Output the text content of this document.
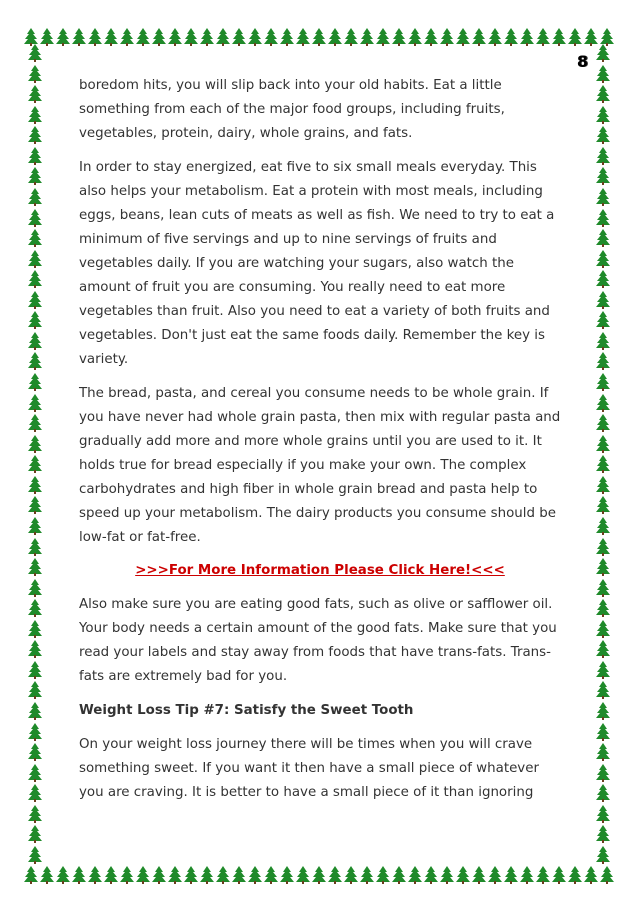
8

boredom hits, you will slip back into your old habits. Eat a little something from each of the major food groups, including fruits, vegetables, protein, dairy, whole grains, and fats.

In order to stay energized, eat five to six small meals everyday. This also helps your metabolism. Eat a protein with most meals, including eggs, beans, lean cuts of meats as well as fish. We need to try to eat a minimum of five servings and up to nine servings of fruits and vegetables daily. If you are watching your sugars, also watch the amount of fruit you are consuming. You really need to eat more vegetables than fruit. Also you need to eat a variety of both fruits and vegetables. Don't just eat the same foods daily. Remember the key is variety.

The bread, pasta, and cereal you consume needs to be whole grain. If you have never had whole grain pasta, then mix with regular pasta and gradually add more and more whole grains until you are used to it. It holds true for bread especially if you make your own. The complex carbohydrates and high fiber in whole grain bread and pasta help to speed up your metabolism. The dairy products you consume should be low-fat or fat-free.

>>>For More Information Please Click Here!<<<

Also make sure you are eating good fats, such as olive or safflower oil. Your body needs a certain amount of the good fats. Make sure that you read your labels and stay away from foods that have trans-fats. Trans-fats are extremely bad for you.

Weight Loss Tip #7: Satisfy the Sweet Tooth

On your weight loss journey there will be times when you will crave something sweet. If you want it then have a small piece of whatever you are craving. It is better to have a small piece of it than ignoring
